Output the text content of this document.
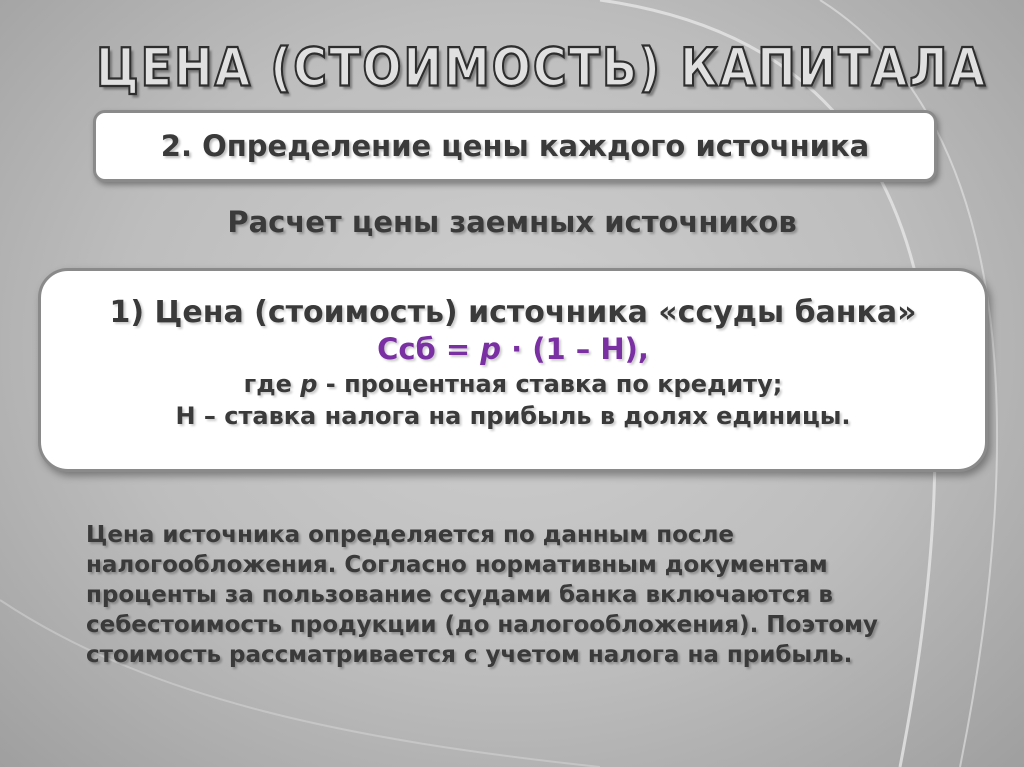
ЦЕНА (СТОИМОСТЬ) КАПИТАЛА
2. Определение цены каждого источника
Расчет цены заемных источников
1) Цена (стоимость) источника «ссуды банка»
Ссб = p · (1 – Н),
где p - процентная ставка по кредиту;
Н – ставка налога на прибыль в долях единицы.
Цена источника определяется по данным после
налогообложения. Согласно нормативным документам
проценты за пользование ссудами банка включаются в
себестоимость продукции (до налогообложения). Поэтому
стоимость рассматривается с учетом налога на прибыль.
